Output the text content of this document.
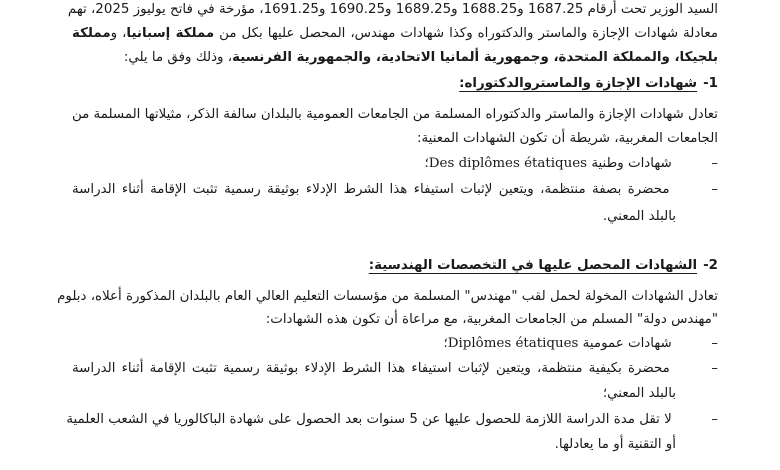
السيد الوزير تحت أرقام 1687.25 و1688.25 و1689.25 و1690.25 و1691.25، مؤرخة في فاتح يوليوز 2025، تهم
معادلة شهادات الإجازة والماستر والدكتوراه وكذا شهادات مهندس، المحصل عليها بكل من مملكة إسبانيا، ومملكة
بلجيكا، والمملكة المتحدة، وجمهورية ألمانيا الاتحادية، والجمهورية الفرنسية، وذلك وفق ما يلي:
1-شهادات الإجازة والماستروالدكتوراه:
تعادل شهادات الإجازة والماستر والدكتوراه المسلمة من الجامعات العمومية بالبلدان سالفة الذكر، مثيلاتها المسلمة من
الجامعات المغربية، شريطة أن تكون الشهادات المعنية:
– شهادات وطنية Des diplômes étatiques؛
– محضرة بصفة منتظمة، ويتعين لإثبات استيفاء هذا الشرط الإدلاء بوثيقة رسمية تثبت الإقامة أثناء الدراسة
بالبلد المعني.
2-الشهادات المحصل عليها في التخصصات الهندسية:
تعادل الشهادات المخولة لحمل لقب "مهندس" المسلمة من مؤسسات التعليم العالي العام بالبلدان المذكورة أعلاه، دبلوم
"مهندس دولة" المسلم من الجامعات المغربية، مع مراعاة أن تكون هذه الشهادات:
– شهادات عمومية Diplômes étatiques؛
– محضرة بكيفية منتظمة، ويتعين لإثبات استيفاء هذا الشرط الإدلاء بوثيقة رسمية تثبت الإقامة أثناء الدراسة
بالبلد المعني؛
– لا تقل مدة الدراسة اللازمة للحصول عليها عن 5 سنوات بعد الحصول على شهادة الباكالوريا في الشعب العلمية
أو التقنية أو ما يعادلها.
